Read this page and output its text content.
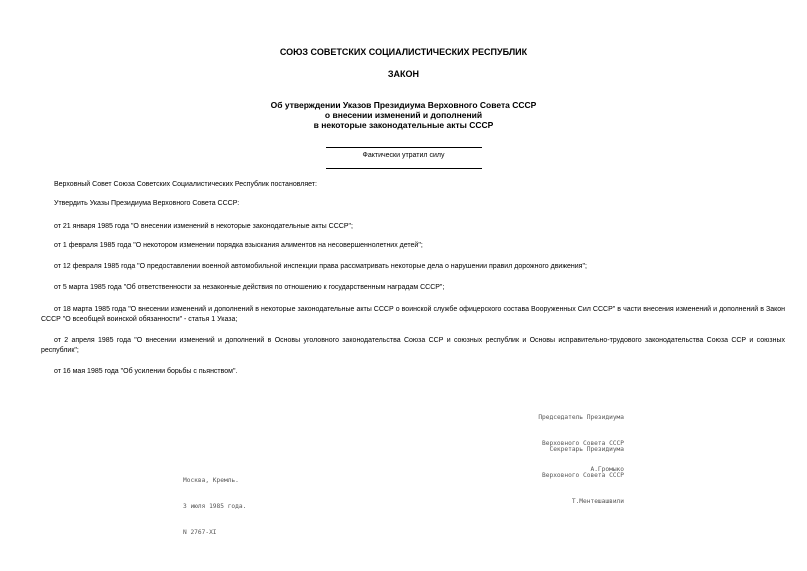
СОЮЗ СОВЕТСКИХ СОЦИАЛИСТИЧЕСКИХ РЕСПУБЛИК
ЗАКОН
Об утверждении Указов Президиума Верховного Совета СССР
о внесении изменений и дополнений
в некоторые законодательные акты СССР
Фактически утратил силу
Верховный Совет Союза Советских Социалистических Республик постановляет:
Утвердить Указы Президиума Верховного Совета СССР:
от 21 января 1985 года "О внесении изменений в некоторые законодательные акты СССР";
от 1 февраля 1985 года "О некотором изменении порядка взыскания алиментов на несовершеннолетних детей";
от 12 февраля 1985 года "О предоставлении военной автомобильной инспекции права рассматривать некоторые дела о нарушении правил дорожного движения";
от 5 марта 1985 года "Об ответственности за незаконные действия по отношению к государственным наградам СССР";
от 18 марта 1985 года "О внесении изменений и дополнений в некоторые законодательные акты СССР о воинской службе офицерского состава Вооруженных Сил СССР" в части внесения изменений и дополнений в Закон СССР "О всеобщей воинской обязанности" - статья 1 Указа;
от 2 апреля 1985 года "О внесении изменений и дополнений в Основы уголовного законодательства Союза ССР и союзных республик и Основы исправительно-трудового законодательства Союза ССР и союзных республик";
от 16 мая 1985 года "Об усилении борьбы с пьянством".

Председатель Президиума

Верховного Совета СССР

А.Громыко

Секретарь Президиума

Верховного Совета СССР

Т.Ментешашвили

Москва, Кремль.

3 июля 1985 года.

N 2767-XI
